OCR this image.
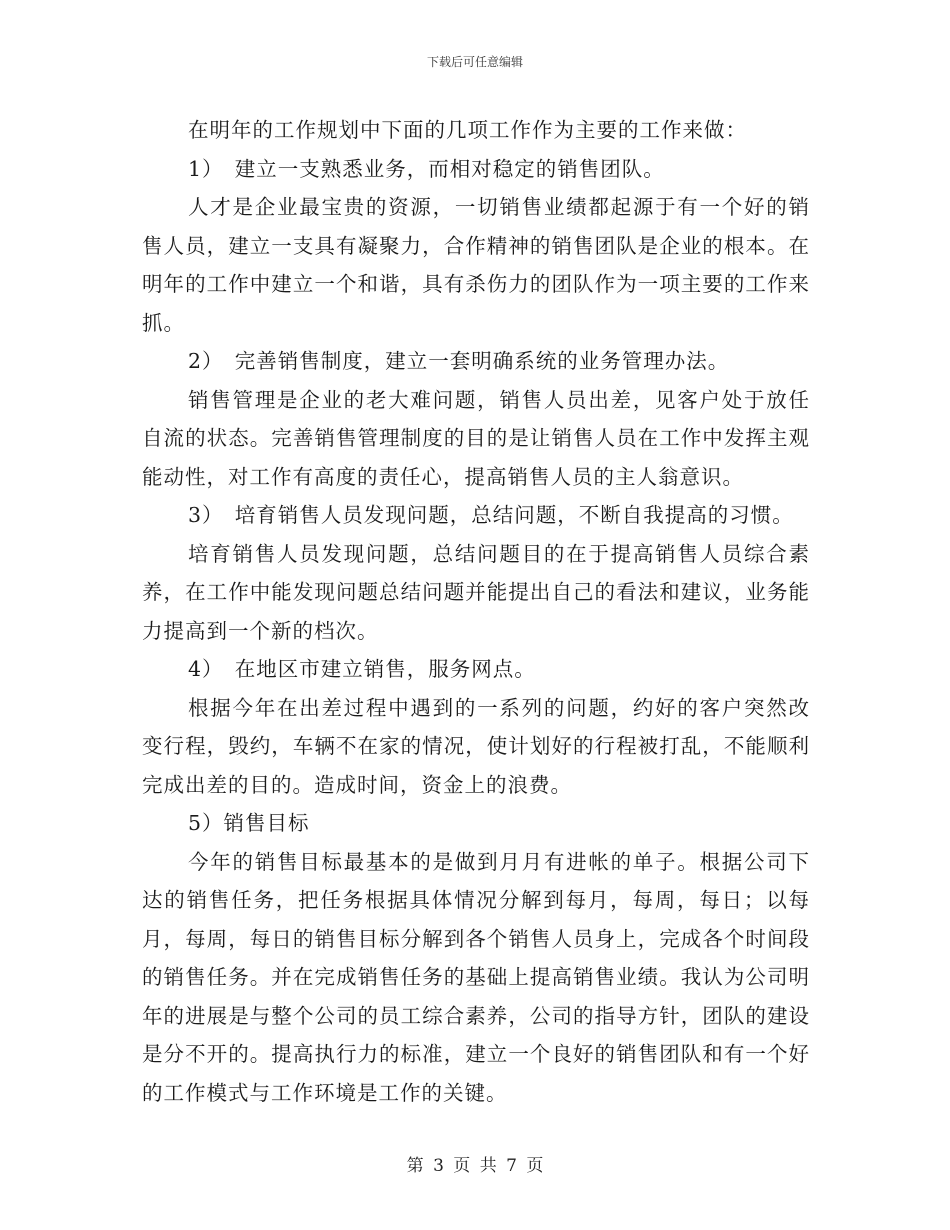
下载后可任意编辑

在明年的工作规划中下面的几项工作作为主要的工作来做：

1）　建立一支熟悉业务，而相对稳定的销售团队。

人才是企业最宝贵的资源，一切销售业绩都起源于有一个好的销售人员，建立一支具有凝聚力，合作精神的销售团队是企业的根本。在明年的工作中建立一个和谐，具有杀伤力的团队作为一项主要的工作来抓。

2）　完善销售制度，建立一套明确系统的业务管理办法。

销售管理是企业的老大难问题，销售人员出差，见客户处于放任自流的状态。完善销售管理制度的目的是让销售人员在工作中发挥主观能动性，对工作有高度的责任心，提高销售人员的主人翁意识。

3）　培育销售人员发现问题，总结问题，不断自我提高的习惯。

培育销售人员发现问题，总结问题目的在于提高销售人员综合素养，在工作中能发现问题总结问题并能提出自己的看法和建议，业务能力提高到一个新的档次。

4）　在地区市建立销售，服务网点。

根据今年在出差过程中遇到的一系列的问题，约好的客户突然改变行程，毁约，车辆不在家的情况，使计划好的行程被打乱，不能顺利完成出差的目的。造成时间，资金上的浪费。

5）销售目标

今年的销售目标最基本的是做到月月有进帐的单子。根据公司下达的销售任务，把任务根据具体情况分解到每月，每周，每日；以每月，每周，每日的销售目标分解到各个销售人员身上，完成各个时间段的销售任务。并在完成销售任务的基础上提高销售业绩。我认为公司明年的进展是与整个公司的员工综合素养，公司的指导方针，团队的建设是分不开的。提高执行力的标准，建立一个良好的销售团队和有一个好的工作模式与工作环境是工作的关键。

第 3 页 共 7 页
